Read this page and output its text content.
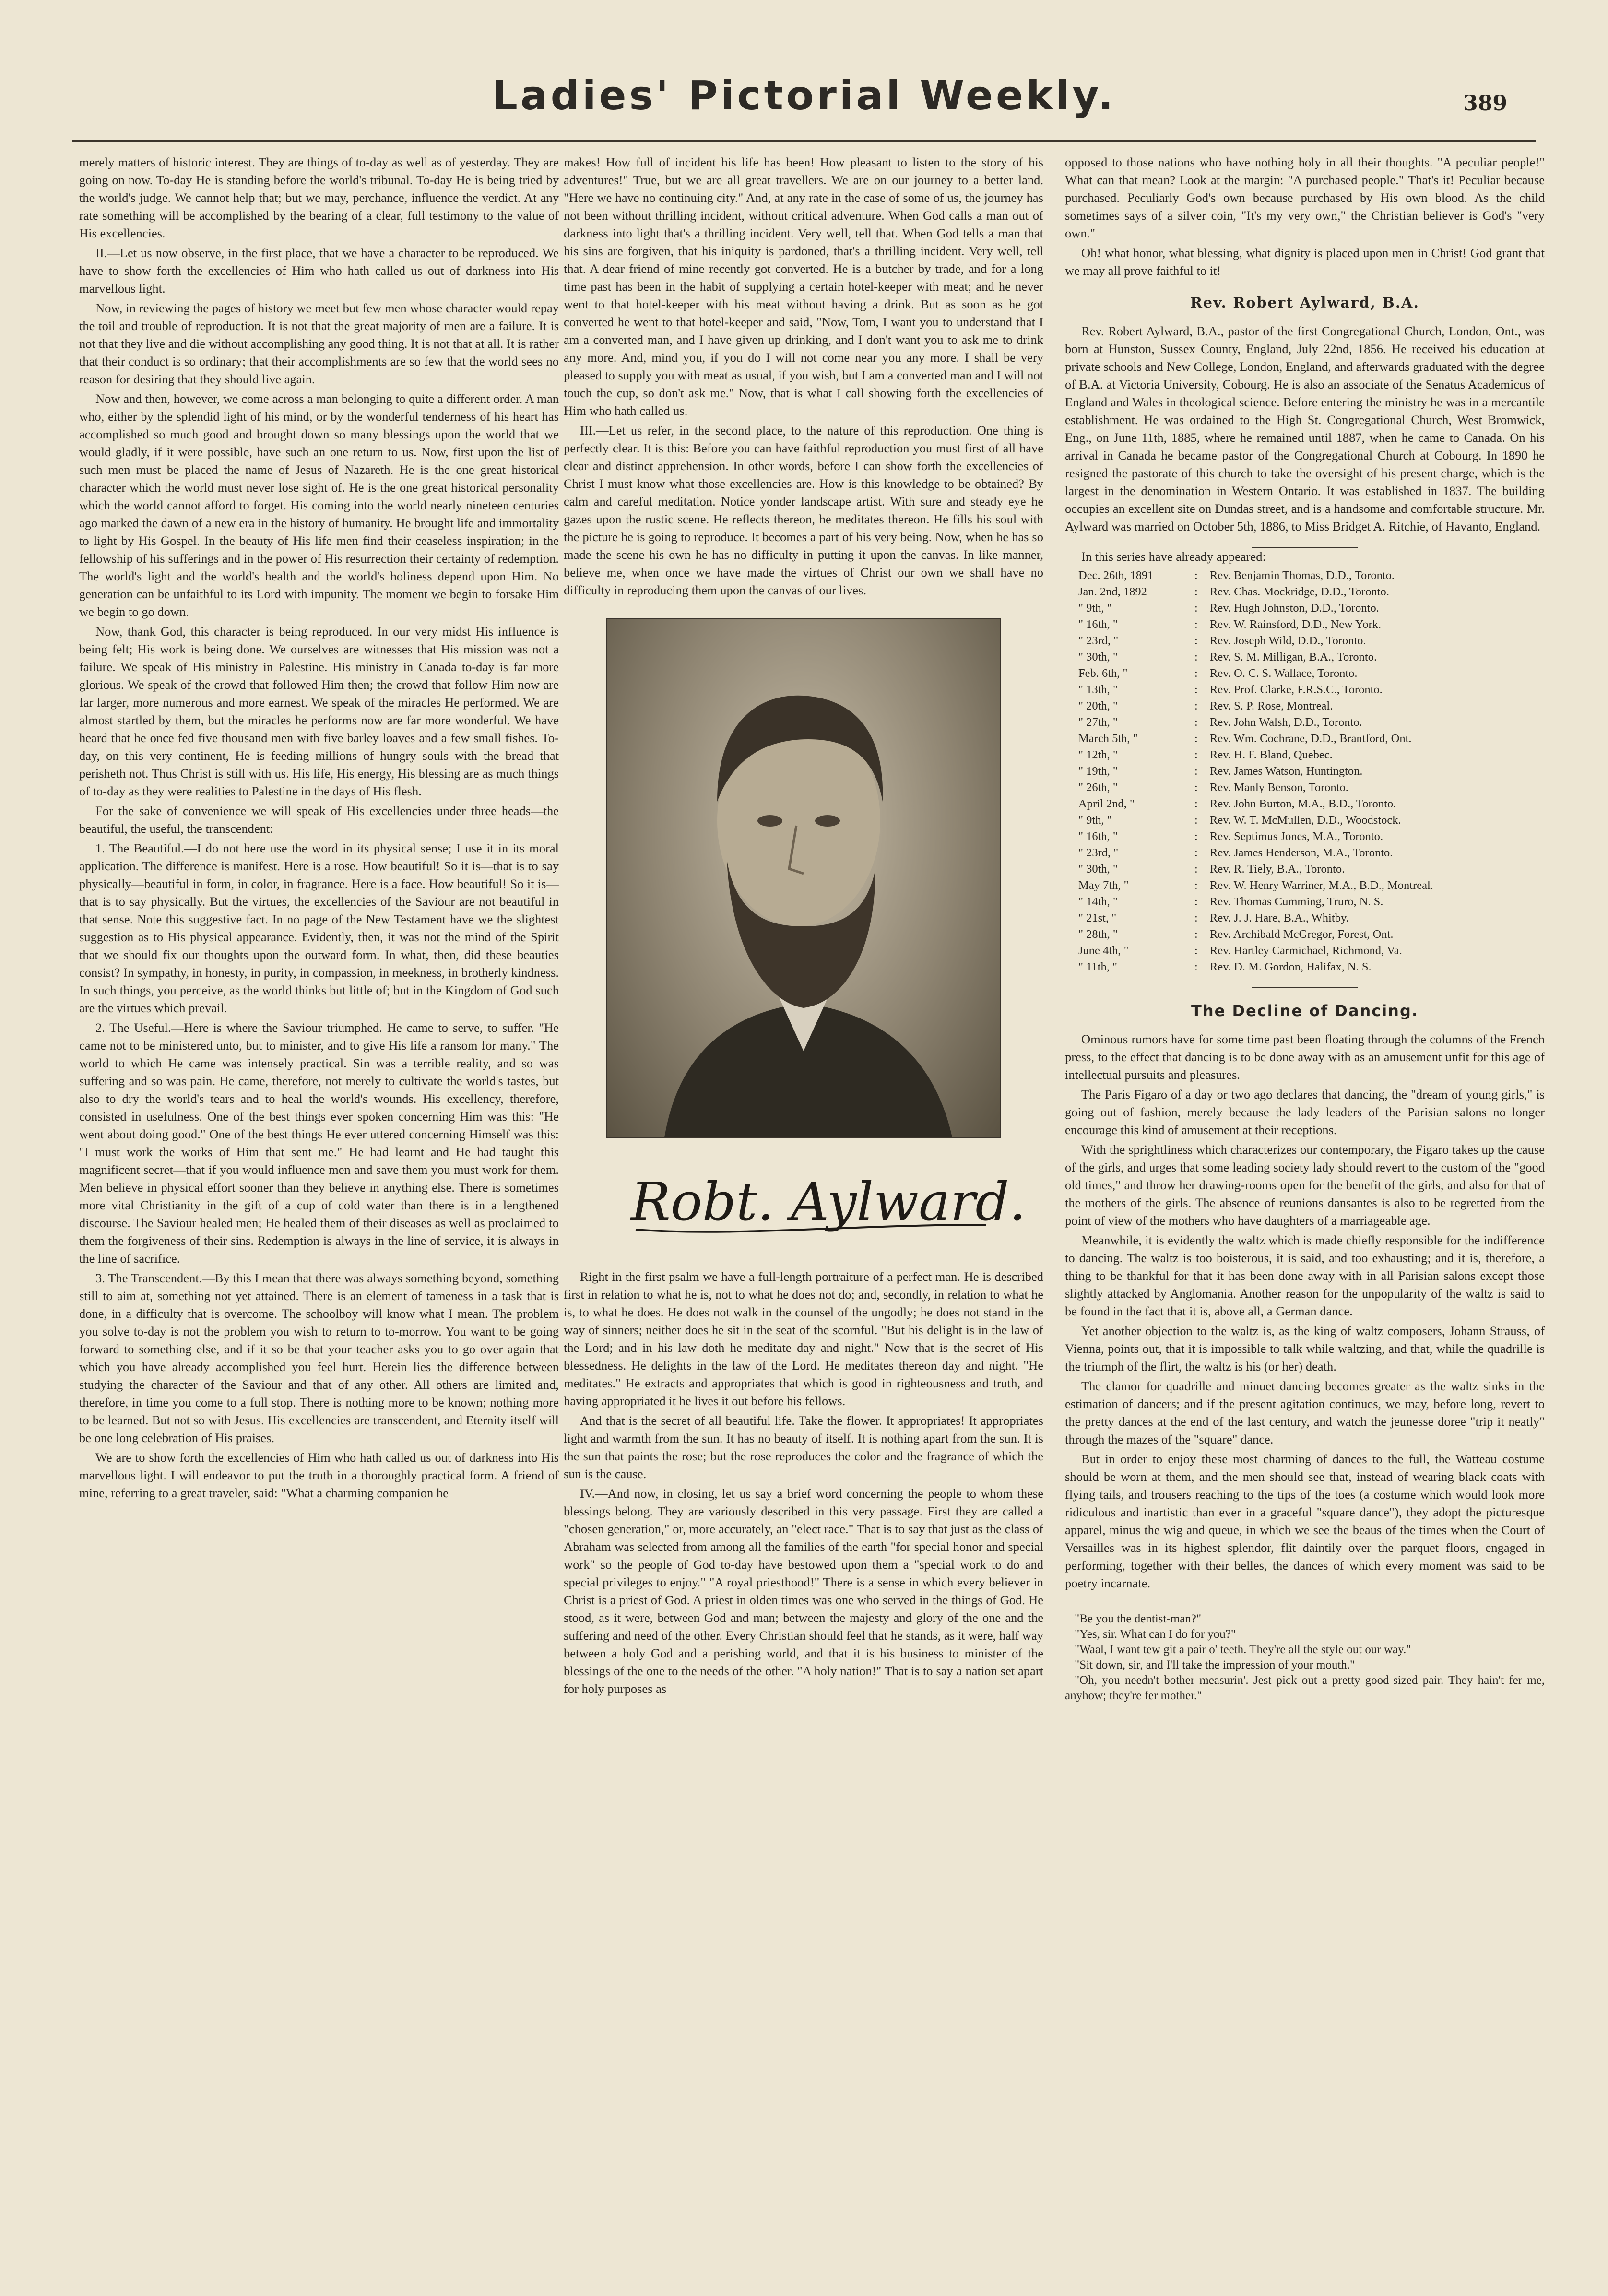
Ladies' Pictorial Weekly.	389

merely matters of historic interest. They are things of to-day as well as of yesterday. They are going on now. To-day He is standing before the world's tribunal. To-day He is being tried by the world's judge. We cannot help that; but we may, perchance, influence the verdict. At any rate something will be accomplished by the bearing of a clear, full testimony to the value of His excellencies.

II.—Let us now observe, in the first place, that we have a character to be reproduced. We have to show forth the excellencies of Him who hath called us out of darkness into His marvellous light.

Now, in reviewing the pages of history we meet but few men whose character would repay the toil and trouble of reproduction. It is not that the great majority of men are a failure. It is not that they live and die without accomplishing any good thing. It is not that at all. It is rather that their conduct is so ordinary; that their accomplishments are so few that the world sees no reason for desiring that they should live again.

Now and then, however, we come across a man belonging to quite a different order. A man who, either by the splendid light of his mind, or by the wonderful tenderness of his heart has accomplished so much good and brought down so many blessings upon the world that we would gladly, if it were possible, have such an one return to us. Now, first upon the list of such men must be placed the name of Jesus of Nazareth. He is the one great historical character which the world must never lose sight of. He is the one great historical personality which the world cannot afford to forget. His coming into the world nearly nineteen centuries ago marked the dawn of a new era in the history of humanity. He brought life and immortality to light by His Gospel. In the beauty of His life men find their ceaseless inspiration; in the fellowship of his sufferings and in the power of His resurrection their certainty of redemption. The world's light and the world's health and the world's holiness depend upon Him. No generation can be unfaithful to its Lord with impunity. The moment we begin to forsake Him we begin to go down.

Now, thank God, this character is being reproduced. In our very midst His influence is being felt; His work is being done. We ourselves are witnesses that His mission was not a failure. We speak of His ministry in Palestine. His ministry in Canada to-day is far more glorious. We speak of the crowd that followed Him then; the crowd that follow Him now are far larger, more numerous and more earnest. We speak of the miracles He performed. We are almost startled by them, but the miracles he performs now are far more wonderful. We have heard that he once fed five thousand men with five barley loaves and a few small fishes. To-day, on this very continent, He is feeding millions of hungry souls with the bread that perisheth not. Thus Christ is still with us. His life, His energy, His blessing are as much things of to-day as they were realities to Palestine in the days of His flesh.

For the sake of convenience we will speak of His excellencies under three heads—the beautiful, the useful, the transcendent:

1. The Beautiful.—I do not here use the word in its physical sense; I use it in its moral application. The difference is manifest. Here is a rose. How beautiful! So it is—that is to say physically—beautiful in form, in color, in fragrance. Here is a face. How beautiful! So it is—that is to say physically. But the virtues, the excellencies of the Saviour are not beautiful in that sense. Note this suggestive fact. In no page of the New Testament have we the slightest suggestion as to His physical appearance. Evidently, then, it was not the mind of the Spirit that we should fix our thoughts upon the outward form. In what, then, did these beauties consist? In sympathy, in honesty, in purity, in compassion, in meekness, in brotherly kindness. In such things, you perceive, as the world thinks but little of; but in the Kingdom of God such are the virtues which prevail.

2. The Useful.—Here is where the Saviour triumphed. He came to serve, to suffer. "He came not to be ministered unto, but to minister, and to give His life a ransom for many." The world to which He came was intensely practical. Sin was a terrible reality, and so was suffering and so was pain. He came, therefore, not merely to cultivate the world's tastes, but also to dry the world's tears and to heal the world's wounds. His excellency, therefore, consisted in usefulness. One of the best things ever spoken concerning Him was this: "He went about doing good." One of the best things He ever uttered concerning Himself was this: "I must work the works of Him that sent me." He had learnt and He had taught this magnificent secret—that if you would influence men and save them you must work for them. Men believe in physical effort sooner than they believe in anything else. There is sometimes more vital Christianity in the gift of a cup of cold water than there is in a lengthened discourse. The Saviour healed men; He healed them of their diseases as well as proclaimed to them the forgiveness of their sins. Redemption is always in the line of service, it is always in the line of sacrifice.

3. The Transcendent.—By this I mean that there was always something beyond, something still to aim at, something not yet attained. There is an element of tameness in a task that is done, in a difficulty that is overcome. The schoolboy will know what I mean. The problem you solve to-day is not the problem you wish to return to to-morrow. You want to be going forward to something else, and if it so be that your teacher asks you to go over again that which you have already accomplished you feel hurt. Herein lies the difference between studying the character of the Saviour and that of any other. All others are limited and, therefore, in time you come to a full stop. There is nothing more to be known; nothing more to be learned. But not so with Jesus. His excellencies are transcendent, and Eternity itself will be one long celebration of His praises.

We are to show forth the excellencies of Him who hath called us out of darkness into His marvellous light. I will endeavor to put the truth in a thoroughly practical form. A friend of mine, referring to a great traveler, said: "What a charming companion he

makes! How full of incident his life has been! How pleasant to listen to the story of his adventures!" True, but we are all great travellers. We are on our journey to a better land. "Here we have no continuing city." And, at any rate in the case of some of us, the journey has not been without thrilling incident, without critical adventure. When God calls a man out of darkness into light that's a thrilling incident. Very well, tell that. When God tells a man that his sins are forgiven, that his iniquity is pardoned, that's a thrilling incident. Very well, tell that. A dear friend of mine recently got converted. He is a butcher by trade, and for a long time past has been in the habit of supplying a certain hotel-keeper with meat; and he never went to that hotel-keeper with his meat without having a drink. But as soon as he got converted he went to that hotel-keeper and said, "Now, Tom, I want you to understand that I am a converted man, and I have given up drinking, and I don't want you to ask me to drink any more. And, mind you, if you do I will not come near you any more. I shall be very pleased to supply you with meat as usual, if you wish, but I am a converted man and I will not touch the cup, so don't ask me." Now, that is what I call showing forth the excellencies of Him who hath called us.

III.—Let us refer, in the second place, to the nature of this reproduction. One thing is perfectly clear. It is this: Before you can have faithful reproduction you must first of all have clear and distinct apprehension. In other words, before I can show forth the excellencies of Christ I must know what those excellencies are. How is this knowledge to be obtained? By calm and careful meditation. Notice yonder landscape artist. With sure and steady eye he gazes upon the rustic scene. He reflects thereon, he meditates thereon. He fills his soul with the picture he is going to reproduce. It becomes a part of his very being. Now, when he has so made the scene his own he has no difficulty in putting it upon the canvas. In like manner, believe me, when once we have made the virtues of Christ our own we shall have no difficulty in reproducing them upon the canvas of our lives.

Robt. Aylward.

Right in the first psalm we have a full-length portraiture of a perfect man. He is described first in relation to what he is, not to what he does not do; and, secondly, in relation to what he is, to what he does. He does not walk in the counsel of the ungodly; he does not stand in the way of sinners; neither does he sit in the seat of the scornful. "But his delight is in the law of the Lord; and in his law doth he meditate day and night." Now that is the secret of His blessedness. He delights in the law of the Lord. He meditates thereon day and night. "He meditates." He extracts and appropriates that which is good in righteousness and truth, and having appropriated it he lives it out before his fellows.

And that is the secret of all beautiful life. Take the flower. It appropriates! It appropriates light and warmth from the sun. It has no beauty of itself. It is nothing apart from the sun. It is the sun that paints the rose; but the rose reproduces the color and the fragrance of which the sun is the cause.

IV.—And now, in closing, let us say a brief word concerning the people to whom these blessings belong. They are variously described in this very passage. First they are called a "chosen generation," or, more accurately, an "elect race." That is to say that just as the class of Abraham was selected from among all the families of the earth "for special honor and special work" so the people of God to-day have bestowed upon them a "special work to do and special privileges to enjoy." "A royal priesthood!" There is a sense in which every believer in Christ is a priest of God. A priest in olden times was one who served in the things of God. He stood, as it were, between God and man; between the majesty and glory of the one and the suffering and need of the other. Every Christian should feel that he stands, as it were, half way between a holy God and a perishing world, and that it is his business to minister of the blessings of the one to the needs of the other. "A holy nation!" That is to say a nation set apart for holy purposes as

opposed to those nations who have nothing holy in all their thoughts. "A peculiar people!" What can that mean? Look at the margin: "A purchased people." That's it! Peculiar because purchased. Peculiarly God's own because purchased by His own blood. As the child sometimes says of a silver coin, "It's my very own," the Christian believer is God's "very own."

Oh! what honor, what blessing, what dignity is placed upon men in Christ! God grant that we may all prove faithful to it!

Rev. Robert Aylward, B.A.

Rev. Robert Aylward, B.A., pastor of the first Congregational Church, London, Ont., was born at Hunston, Sussex County, England, July 22nd, 1856. He received his education at private schools and New College, London, England, and afterwards graduated with the degree of B.A. at Victoria University, Cobourg. He is also an associate of the Senatus Academicus of England and Wales in theological science. Before entering the ministry he was in a mercantile establishment. He was ordained to the High St. Congregational Church, West Bromwick, Eng., on June 11th, 1885, where he remained until 1887, when he came to Canada. On his arrival in Canada he became pastor of the Congregational Church at Cobourg. In 1890 he resigned the pastorate of this church to take the oversight of his present charge, which is the largest in the denomination in Western Ontario. It was established in 1837. The building occupies an excellent site on Dundas street, and is a handsome and comfortable structure. Mr. Aylward was married on October 5th, 1886, to Miss Bridget A. Ritchie, of Havanto, England.

In this series have already appeared:

Dec. 26th, 1891	:	Rev. Benjamin Thomas, D.D., Toronto.
Jan. 2nd, 1892	:	Rev. Chas. Mockridge, D.D., Toronto.
" 9th, "	:	Rev. Hugh Johnston, D.D., Toronto.
" 16th, "	:	Rev. W. Rainsford, D.D., New York.
" 23rd, "	:	Rev. Joseph Wild, D.D., Toronto.
" 30th, "	:	Rev. S. M. Milligan, B.A., Toronto.
Feb. 6th, "	:	Rev. O. C. S. Wallace, Toronto.
" 13th, "	:	Rev. Prof. Clarke, F.R.S.C., Toronto.
" 20th, "	:	Rev. S. P. Rose, Montreal.
" 27th, "	:	Rev. John Walsh, D.D., Toronto.
March 5th, "	:	Rev. Wm. Cochrane, D.D., Brantford, Ont.
" 12th, "	:	Rev. H. F. Bland, Quebec.
" 19th, "	:	Rev. James Watson, Huntington.
" 26th, "	:	Rev. Manly Benson, Toronto.
April 2nd, "	:	Rev. John Burton, M.A., B.D., Toronto.
" 9th, "	:	Rev. W. T. McMullen, D.D., Woodstock.
" 16th, "	:	Rev. Septimus Jones, M.A., Toronto.
" 23rd, "	:	Rev. James Henderson, M.A., Toronto.
" 30th, "	:	Rev. R. Tiely, B.A., Toronto.
May 7th, "	:	Rev. W. Henry Warriner, M.A., B.D., Montreal.
" 14th, "	:	Rev. Thomas Cumming, Truro, N. S.
" 21st, "	:	Rev. J. J. Hare, B.A., Whitby.
" 28th, "	:	Rev. Archibald McGregor, Forest, Ont.
June 4th, "	:	Rev. Hartley Carmichael, Richmond, Va.
" 11th, "	:	Rev. D. M. Gordon, Halifax, N. S.
The Decline of Dancing.

Ominous rumors have for some time past been floating through the columns of the French press, to the effect that dancing is to be done away with as an amusement unfit for this age of intellectual pursuits and pleasures.

The Paris Figaro of a day or two ago declares that dancing, the "dream of young girls," is going out of fashion, merely because the lady leaders of the Parisian salons no longer encourage this kind of amusement at their receptions.

With the sprightliness which characterizes our contemporary, the Figaro takes up the cause of the girls, and urges that some leading society lady should revert to the custom of the "good old times," and throw her drawing-rooms open for the benefit of the girls, and also for that of the mothers of the girls. The absence of reunions dansantes is also to be regretted from the point of view of the mothers who have daughters of a marriageable age.

Meanwhile, it is evidently the waltz which is made chiefly responsible for the indifference to dancing. The waltz is too boisterous, it is said, and too exhausting; and it is, therefore, a thing to be thankful for that it has been done away with in all Parisian salons except those slightly attacked by Anglomania. Another reason for the unpopularity of the waltz is said to be found in the fact that it is, above all, a German dance.

Yet another objection to the waltz is, as the king of waltz composers, Johann Strauss, of Vienna, points out, that it is impossible to talk while waltzing, and that, while the quadrille is the triumph of the flirt, the waltz is his (or her) death.

The clamor for quadrille and minuet dancing becomes greater as the waltz sinks in the estimation of dancers; and if the present agitation continues, we may, before long, revert to the pretty dances at the end of the last century, and watch the jeunesse doree "trip it neatly" through the mazes of the "square" dance.

But in order to enjoy these most charming of dances to the full, the Watteau costume should be worn at them, and the men should see that, instead of wearing black coats with flying tails, and trousers reaching to the tips of the toes (a costume which would look more ridiculous and inartistic than ever in a graceful "square dance"), they adopt the picturesque apparel, minus the wig and queue, in which we see the beaus of the times when the Court of Versailles was in its highest splendor, flit daintily over the parquet floors, engaged in performing, together with their belles, the dances of which every moment was said to be poetry incarnate.

"Be you the dentist-man?"

"Yes, sir. What can I do for you?"

"Waal, I want tew git a pair o' teeth. They're all the style out our way."

"Sit down, sir, and I'll take the impression of your mouth."

"Oh, you needn't bother measurin'. Jest pick out a pretty good-sized pair. They hain't fer me, anyhow; they're fer mother."
